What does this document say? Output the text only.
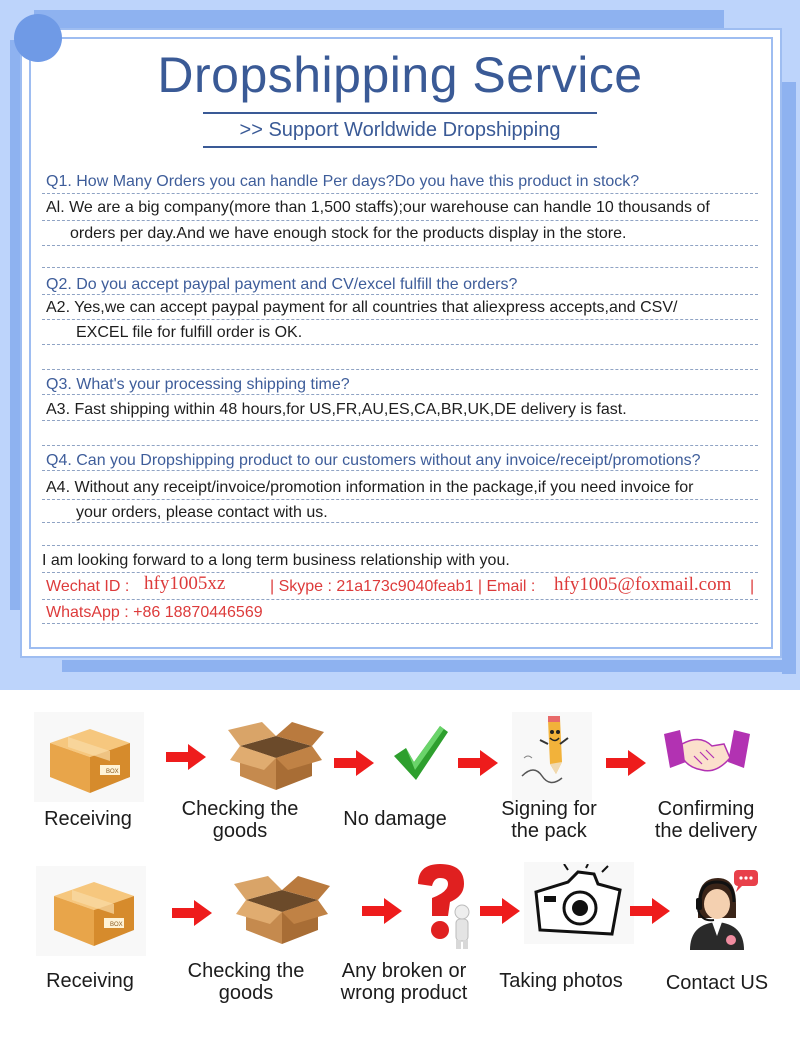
Dropshipping Service
>> Support Worldwide Dropshipping
Q1. How Many Orders you can handle Per days?Do you have this product in stock?
Al. We are a big company(more than 1,500 staffs);our warehouse can handle 10 thousands of
orders per day.And we have enough stock for the products display in the store.
Q2. Do you accept paypal payment and CV/excel fulfill the orders?
A2. Yes,we can accept paypal payment for all countries that aliexpress accepts,and CSV/
EXCEL file for fulfill order is OK.
Q3. What's your processing shipping time?
A3. Fast shipping within 48 hours,for US,FR,AU,ES,CA,BR,UK,DE delivery is fast.
Q4. Can you Dropshipping product to our customers without any invoice/receipt/promotions?
A4. Without any receipt/invoice/promotion information in the package,if you need invoice for
your orders, please contact with us.
I am looking forward to a long term business relationship with you.
Wechat ID : hfy1005xz	| Skype : 21a173c9040feab1 | Email : hfy1005@foxmail.com |
WhatsApp : +86 18870446569
BOX
Receiving	Checking the
goods
No damage	Signing for
the pack
Confirming
the delivery
BOX
Receiving	Checking the
goods
Any broken or
wrong product
Taking photos	Contact US
